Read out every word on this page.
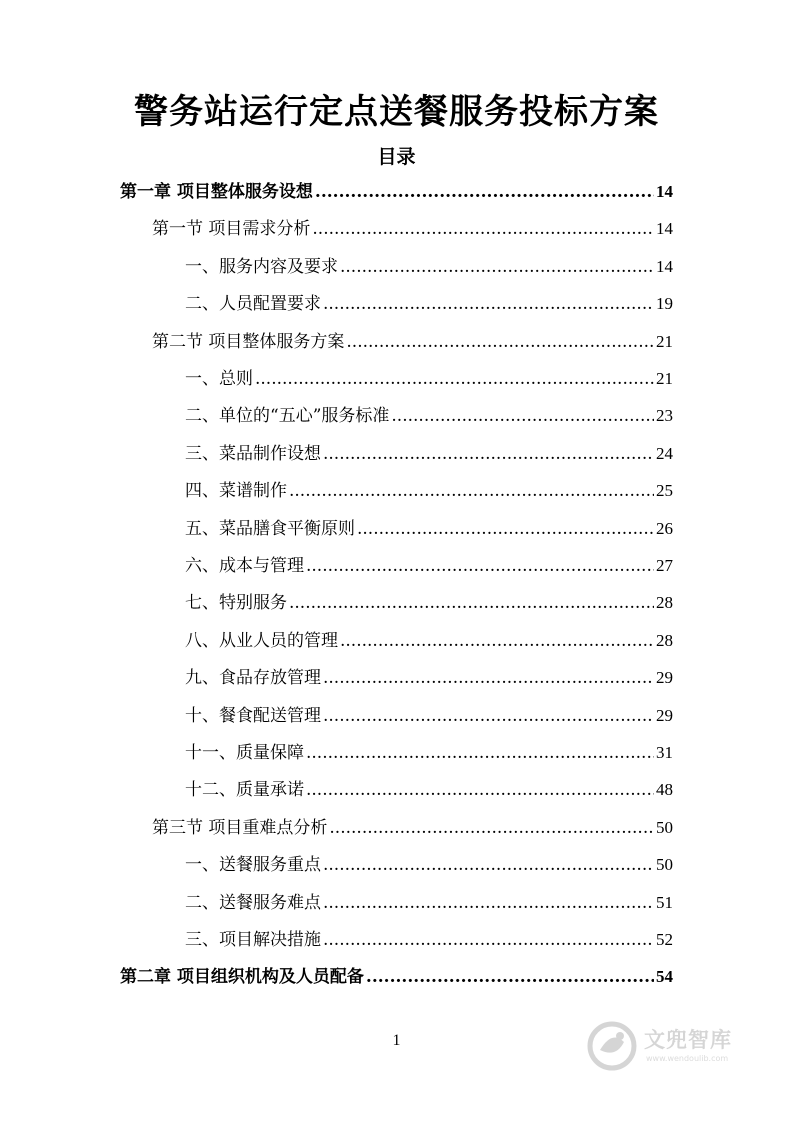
警务站运行定点送餐服务投标方案
目录
第一章 项目整体服务设想 .....	14
第一节 项目需求分析 .....	14
一、服务内容及要求 .....	14
二、人员配置要求 .....	19
第二节 项目整体服务方案 .....	21
一、总则 .....	21
二、单位的“五心”服务标准 .....	23
三、菜品制作设想 .....	24
四、菜谱制作 .....	25
五、菜品膳食平衡原则 .....	26
六、成本与管理 .....	27
七、特别服务 .....	28
八、从业人员的管理 .....	28
九、食品存放管理 .....	29
十、餐食配送管理 .....	29
十一、质量保障 .....	31
十二、质量承诺 .....	48
第三节 项目重难点分析 .....	50
一、送餐服务重点 .....	50
二、送餐服务难点 .....	51
三、项目解决措施 .....	52
第二章 项目组织机构及人员配备 .....	54
1	文兜智库
www.wendoulib.com
